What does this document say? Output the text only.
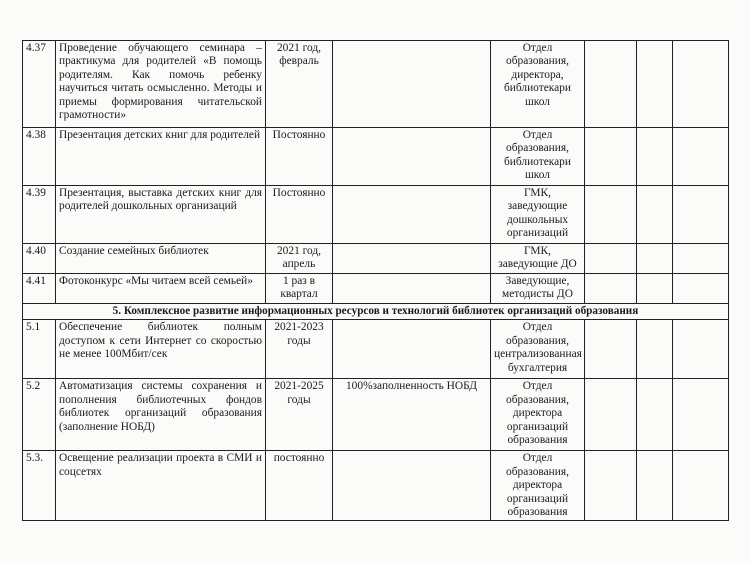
4.37	Проведение обучающего семинара – практикума для родителей «В помощь родителям. Как помочь ребенку научиться читать осмысленно. Методы и приемы формирования читательской грамотности»	2021 год, февраль		Отдел образования, директора, библиотекари школ			
4.38	Презентация детских книг для родителей	Постоянно		Отдел образования, библиотекари школ			
4.39	Презентация, выставка детских книг для родителей дошкольных организаций	Постоянно		ГМК, заведующие дошкольных организаций			
4.40	Создание семейных библиотек	2021 год, апрель		ГМК, заведующие ДО			
4.41	Фотоконкурс «Мы читаем всей семьей»	1 раз в квартал		Заведующие, методисты ДО			
5. Комплексное развитие информационных ресурсов и технологий библиотек организаций образования							
5.1	Обеспечение библиотек полным доступом к сети Интернет со скоростью не менее 100Мбит/сек	2021-2023 годы		Отдел образования, централизованная бухгалтерия			
5.2	Автоматизация системы сохранения и пополнения библиотечных фондов библиотек организаций образования (заполнение НОБД)	2021-2025 годы	100%заполненность НОБД	Отдел образования, директора организаций образования			
5.3.	Освещение реализации проекта в СМИ и соцсетях	постоянно		Отдел образования, директора организаций образования			
